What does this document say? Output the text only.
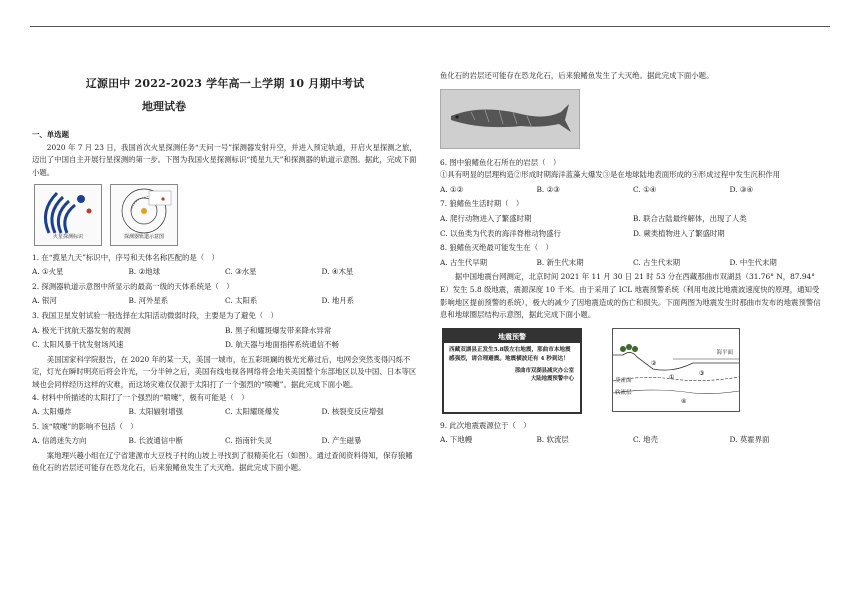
辽源田中 2022-2023 学年高一上学期 10 月期中考试
地理试卷
一、单选题

2020 年 7 月 23 日，我国首次火星探测任务“天问一号”探测器发射升空，并进入预定轨道，开启火星探测之旅，迈出了中国自主开展行星探测的第一步。下图为我国火星探测标识“揽星九天”和探测器的轨道示意图。据此，完成下面小题。

火星探测标识	探测器轨道示意图

1. 在“揽星九天”标识中，序号和天体名称匹配的是（　）

A. ①火星	B. ②地球	C. ③水星	D. ④木星

2. 探测器轨道示意图中所显示的最高一级的天体系统是（　）

A. 银河	B. 河外星系	C. 太阳系	D. 地月系

3. 我国卫星发射试验一般选择在太阳活动微弱时段，主要是为了避免（　）

A. 极光干扰航天器发射的观测	B. 黑子和耀斑爆发带来降水异常
C. 太阳风暴干扰发射场风速	D. 航天器与地面指挥系统通信不畅

美国国家科学院报告，在 2020 年的某一天，美国一城市，在五彩斑斓的极光光幕过后，电网会突然变得闪烁不定，灯光在瞬时明亮后将会许光，一分半钟之后，美国有线电视各网络将会地关美国整个东部地区以及中国、日本等区域也会同样经历这样的灾难，而这场灾难仅仅源于太阳打了一个强烈的“喷嚏”。据此完成下面小题。

4. 材料中所描述的太阳打了一个强烈的“喷嚏”，极有可能是（　）

A. 太阳爆炸	B. 太阳辐射增强	C. 太阳耀斑爆发	D. 核裂变反应增强

5. 该“喷嚏”的影响不包括（　）

A. 信鸽迷失方向	B. 长波通信中断	C. 指南针失灵	D. 产生磁暴

案地理兴趣小组在辽宁省建源市大豆枝子村的山坡上寻找到了很精美化石（如图）。通过查阅资料得知，保存狼鳍鱼化石的岩层还可能存在恐龙化石，后来狼鳍鱼发生了大灭绝。据此完成下面小题。

鱼化石的岩层还可能存在恐龙化石，后来狼鳍鱼发生了大灭绝。据此完成下面小题。

6. 图中狼鳍鱼化石所在的岩层（　）

①具有明显的层理构造②形成时期海洋蓝藻大爆发③是在地球陆地表面形成的④形成过程中发生沉积作用

A. ①②	B. ②③	C. ①④	D. ③④

7. 狼鳍鱼生活时期（　）

A. 爬行动物进入了繁盛时期	B. 联合古陆最终解体，出现了人类
C. 以鱼类为代表的海洋脊椎动物盛行	D. 蕨类植物进入了繁盛时期

8. 狼鳍鱼灭绝最可能发生在（　）

A. 古生代早期	B. 新生代末期	C. 古生代末期	D. 中生代末期

据中国地震台网测定，北京时间 2021 年 11 月 30 日 21 时 53 分在西藏那曲市双湖县（31.76° N，87.94° E）发生 5.8 级地震，震源深度 10 千米。由于采用了 ICL 地震预警系统（利用电波比地震波速度快的原理，通知受影响地区提前预警的系统），极大的减少了因地震造成的伤亡和损失。下面两图为地震发生时那曲市发布的地震预警信息和地球圈层结构示意图，据此完成下面小题。

地震预警
西藏双湖县正发生5.8级左右地震，那曲市本地震感强烈，请合理避震。地震横波还有 4 秒到达！
那曲市双湖县减灾办公室
大陆地震预警中心	①
②
③
④
海平面
莫霍面
软流层

9. 此次地震震源位于（　）

A. 下地幔	B. 软流层	C. 地壳	D. 莫霍界面
